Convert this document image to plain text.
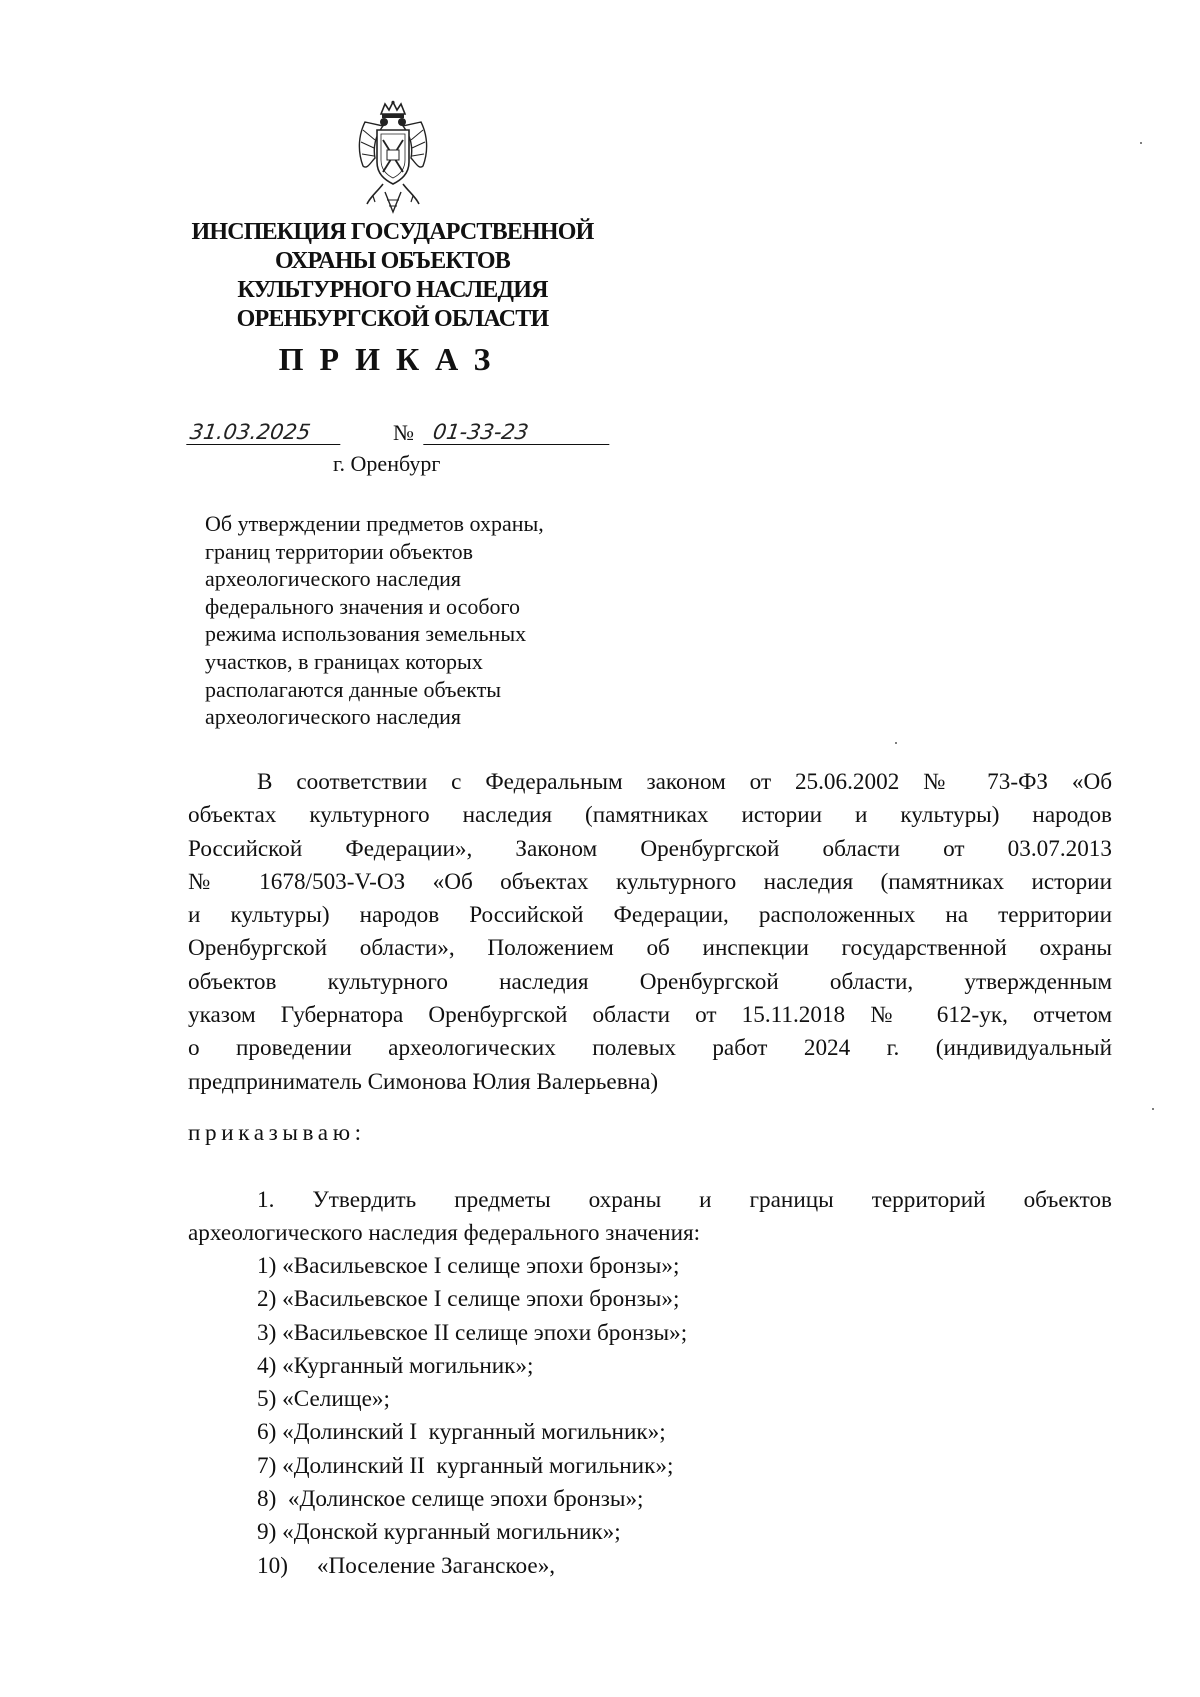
ИНСПЕКЦИЯ ГОСУДАРСТВЕННОЙ
ОХРАНЫ ОБЪЕКТОВ
КУЛЬТУРНОГО НАСЛЕДИЯ
ОРЕНБУРГСКОЙ ОБЛАСТИ
ПРИКАЗ
31.03.2025	№ 01-33-23
г. Оренбург
Об утверждении предметов охраны,
границ территории объектов
археологического наследия
федерального значения и особого
режима использования земельных
участков, в границах которых
располагаются данные объекты
археологического наследия
В соответствии с Федеральным законом от 25.06.2002 № 73-ФЗ «Об
объектах культурного наследия (памятниках истории и культуры) народов
Российской Федерации», Законом Оренбургской области от 03.07.2013
№ 1678/503-V-ОЗ «Об объектах культурного наследия (памятниках истории
и культуры) народов Российской Федерации, расположенных на территории
Оренбургской области», Положением об инспекции государственной охраны
объектов культурного наследия Оренбургской области, утвержденным
указом Губернатора Оренбургской области от 15.11.2018 № 612-ук, отчетом
о проведении археологических полевых работ 2024 г. (индивидуальный
предприниматель Симонова Юлия Валерьевна)
приказываю:
1. Утвердить предметы охраны и границы территорий объектов
археологического наследия федерального значения:
1) «Васильевское I селище эпохи бронзы»;
2) «Васильевское I селище эпохи бронзы»;
3) «Васильевское II селище эпохи бронзы»;
4) «Курганный могильник»;
5) «Селище»;
6) «Долинский I  курганный могильник»;
7) «Долинский II  курганный могильник»;
8)  «Долинское селище эпохи бронзы»;
9) «Донской курганный могильник»;
10)     «Поселение Заганское»,
